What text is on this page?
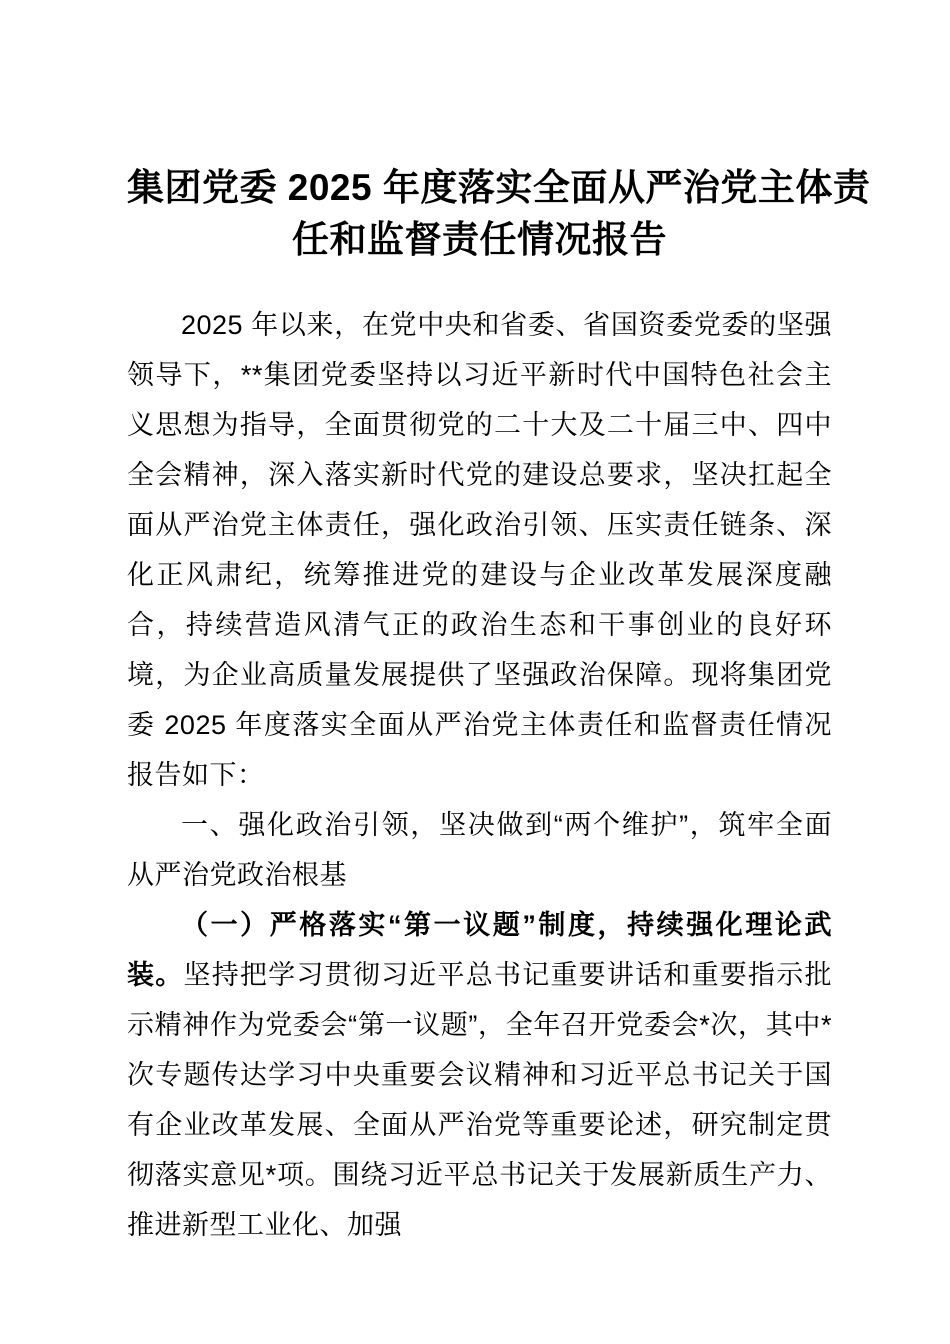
集团党委 2025 年度落实全面从严治党主体责
任和监督责任情况报告

2025 年以来，在党中央和省委、省国资委党委的坚强领导下，**集团党委坚持以习近平新时代中国特色社会主义思想为指导，全面贯彻党的二十大及二十届三中、四中全会精神，深入落实新时代党的建设总要求，坚决扛起全面从严治党主体责任，强化政治引领、压实责任链条、深化正风肃纪，统筹推进党的建设与企业改革发展深度融合，持续营造风清气正的政治生态和干事创业的良好环境，为企业高质量发展提供了坚强政治保障。现将集团党委 2025 年度落实全面从严治党主体责任和监督责任情况报告如下：

一、强化政治引领，坚决做到“两个维护”，筑牢全面从严治党政治根基

（一）严格落实“第一议题”制度，持续强化理论武装。坚持把学习贯彻习近平总书记重要讲话和重要指示批示精神作为党委会“第一议题”，全年召开党委会*次，其中*次专题传达学习中央重要会议精神和习近平总书记关于国有企业改革发展、全面从严治党等重要论述，研究制定贯彻落实意见*项。围绕习近平总书记关于发展新质生产力、推进新型工业化、加强
